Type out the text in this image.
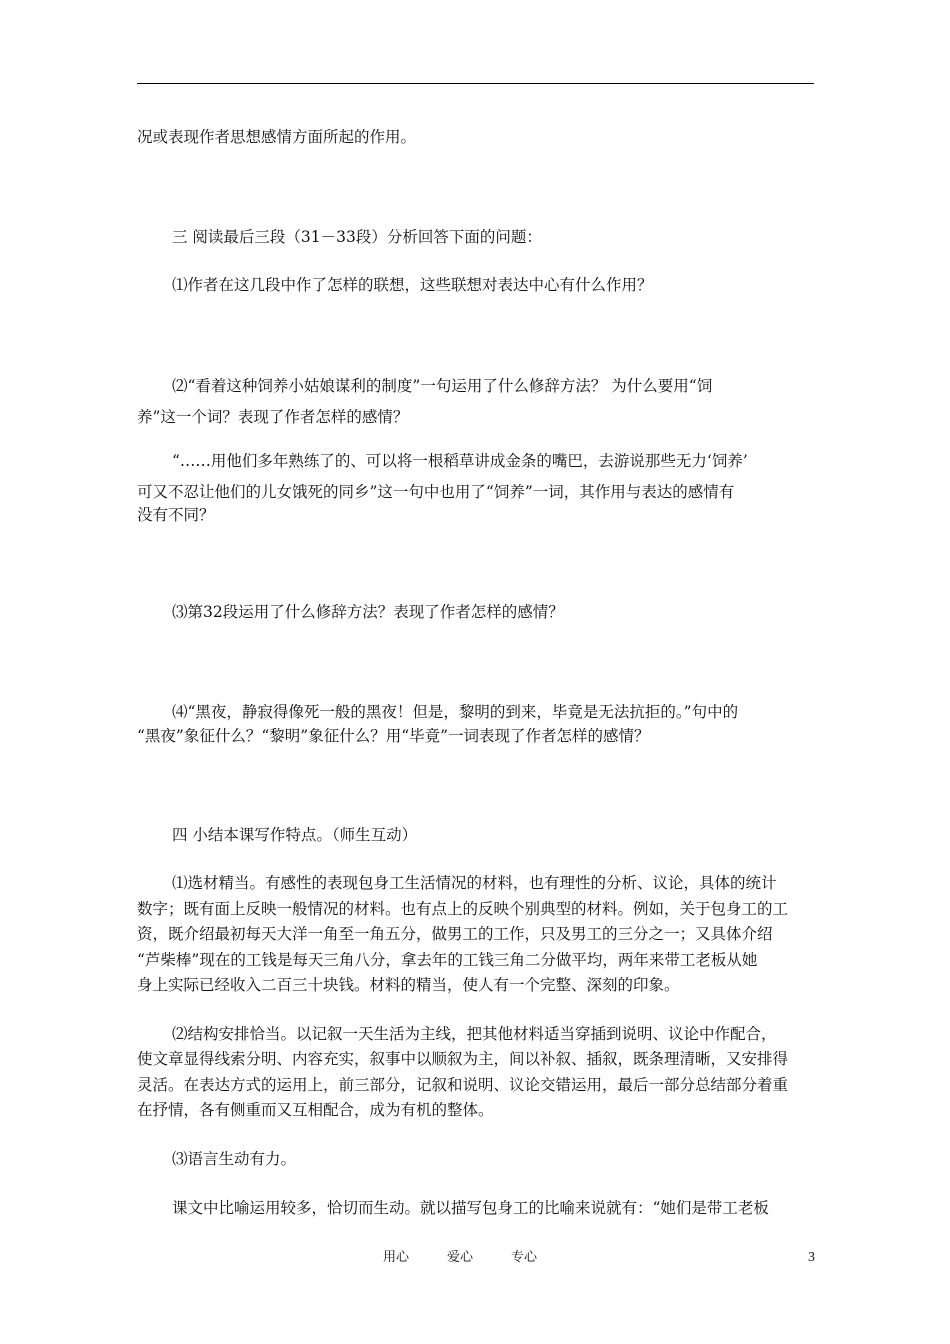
况或表现作者思想感情方面所起的作用。

三 阅读最后三段（31－33段）分析回答下面的问题：

⑴作者在这几段中作了怎样的联想，这些联想对表达中心有什么作用？

⑵“看着这种饲养小姑娘谋利的制度”一句运用了什么修辞方法？ 为什么要用“饲

养”这一个词？表现了作者怎样的感情？

“……用他们多年熟练了的、可以将一根稻草讲成金条的嘴巴，去游说那些无力‘饲养’

可又不忍让他们的儿女饿死的同乡”这一句中也用了“饲养”一词，其作用与表达的感情有

没有不同？

⑶第32段运用了什么修辞方法？表现了作者怎样的感情？

⑷“黑夜，静寂得像死一般的黑夜！但是，黎明的到来，毕竟是无法抗拒的。”句中的

“黑夜”象征什么？“黎明”象征什么？用“毕竟”一词表现了作者怎样的感情？

四 小结本课写作特点。（师生互动）

⑴选材精当。有感性的表现包身工生活情况的材料，也有理性的分析、议论，具体的统计

数字；既有面上反映一般情况的材料。也有点上的反映个别典型的材料。例如，关于包身工的工

资，既介绍最初每天大洋一角至一角五分，做男工的工作，只及男工的三分之一；又具体介绍

“芦柴棒”现在的工钱是每天三角八分，拿去年的工钱三角二分做平均，两年来带工老板从她

身上实际已经收入二百三十块钱。材料的精当，使人有一个完整、深刻的印象。

⑵结构安排恰当。以记叙一天生活为主线，把其他材料适当穿插到说明、议论中作配合，

使文章显得线索分明、内容充实，叙事中以顺叙为主，间以补叙、插叙，既条理清晰，又安排得

灵活。在表达方式的运用上，前三部分，记叙和说明、议论交错运用，最后一部分总结部分着重

在抒情，各有侧重而又互相配合，成为有机的整体。

⑶语言生动有力。

课文中比喻运用较多，恰切而生动。就以描写包身工的比喻来说就有：“她们是带工老板

用心	爱心	专心	3
